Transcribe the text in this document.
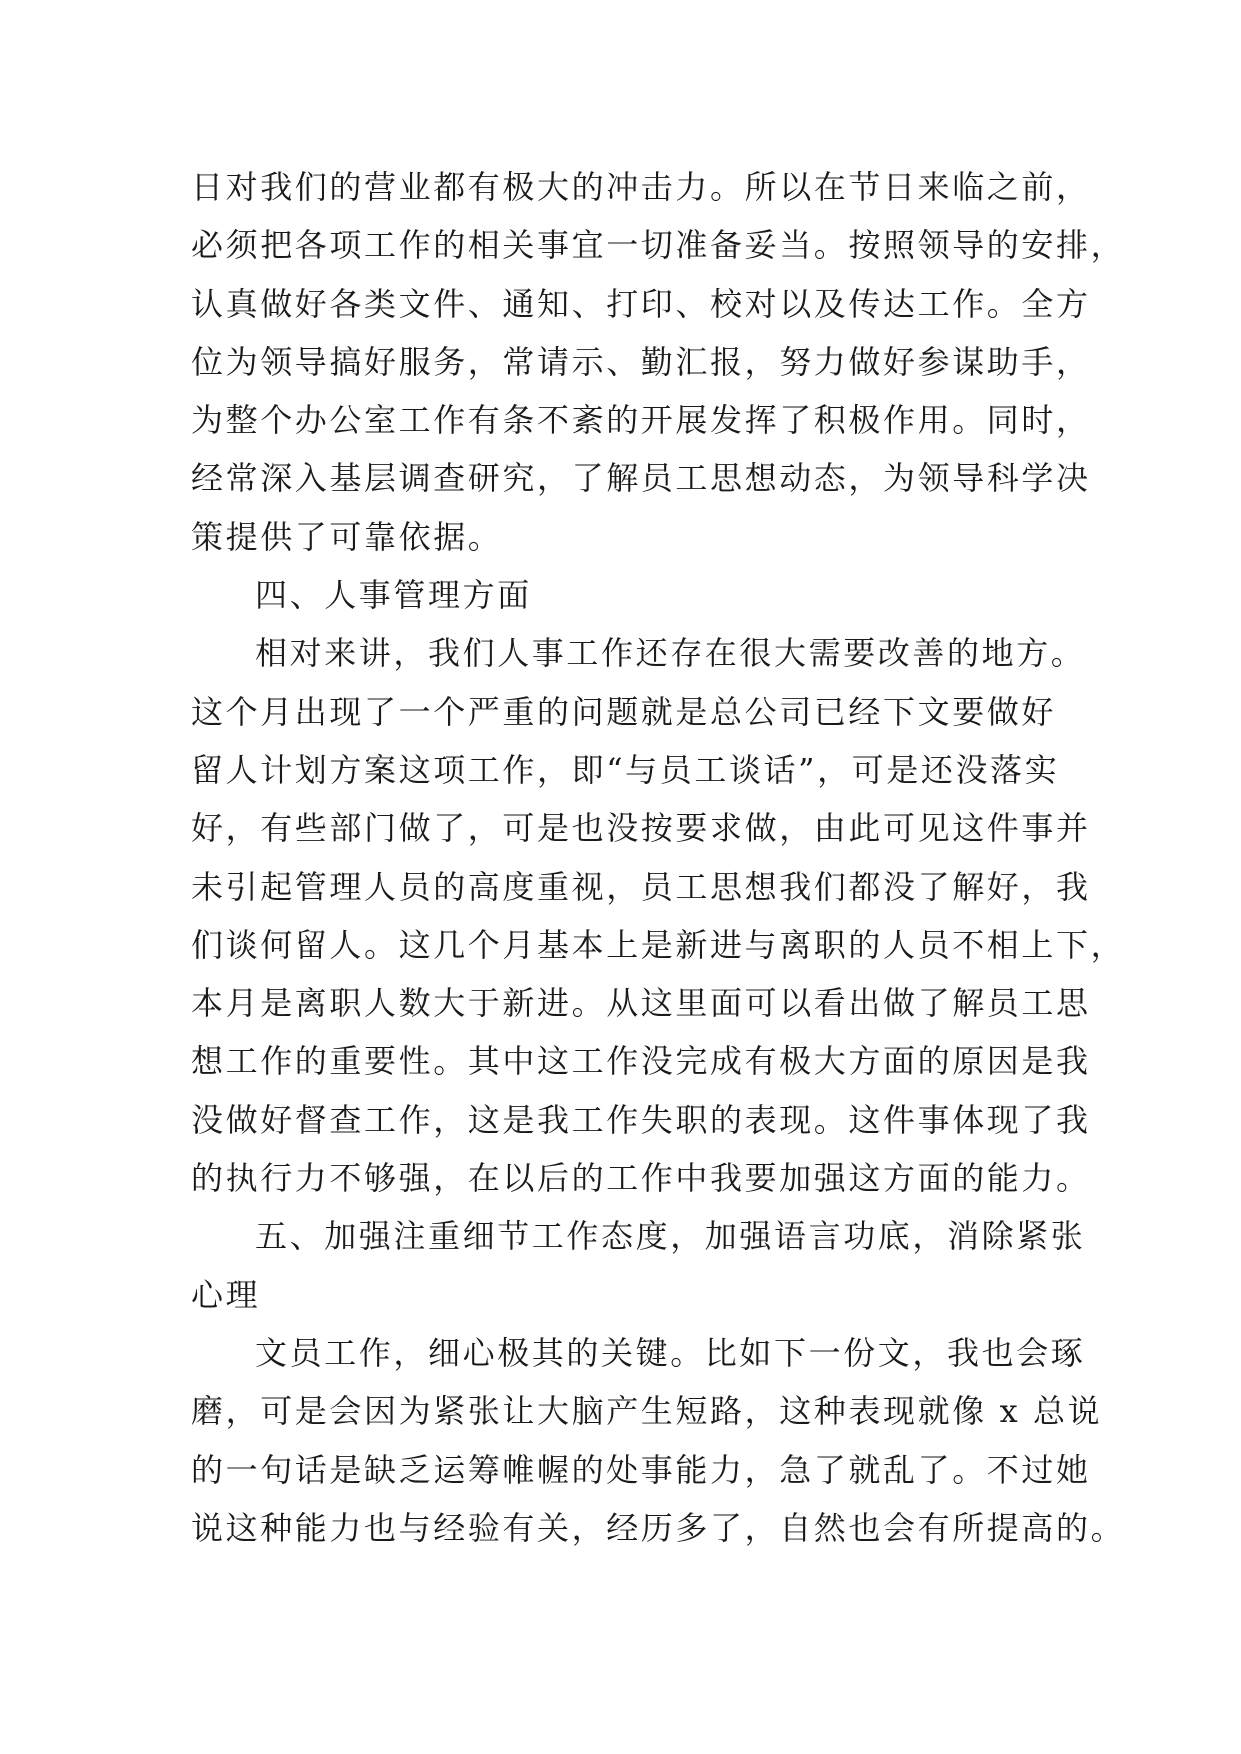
日对我们的营业都有极大的冲击力。所以在节日来临之前，
必须把各项工作的相关事宜一切准备妥当。按照领导的安排，
认真做好各类文件、通知、打印、校对以及传达工作。全方
位为领导搞好服务，常请示、勤汇报，努力做好参谋助手，
为整个办公室工作有条不紊的开展发挥了积极作用。同时，
经常深入基层调查研究，了解员工思想动态，为领导科学决
策提供了可靠依据。
四、人事管理方面
相对来讲，我们人事工作还存在很大需要改善的地方。
这个月出现了一个严重的问题就是总公司已经下文要做好
留人计划方案这项工作，即“与员工谈话”，可是还没落实
好，有些部门做了，可是也没按要求做，由此可见这件事并
未引起管理人员的高度重视，员工思想我们都没了解好，我
们谈何留人。这几个月基本上是新进与离职的人员不相上下，
本月是离职人数大于新进。从这里面可以看出做了解员工思
想工作的重要性。其中这工作没完成有极大方面的原因是我
没做好督查工作，这是我工作失职的表现。这件事体现了我
的执行力不够强，在以后的工作中我要加强这方面的能力。
五、加强注重细节工作态度，加强语言功底，消除紧张
心理
文员工作，细心极其的关键。比如下一份文，我也会琢
磨，可是会因为紧张让大脑产生短路，这种表现就像 x 总说
的一句话是缺乏运筹帷幄的处事能力，急了就乱了。不过她
说这种能力也与经验有关，经历多了，自然也会有所提高的。
